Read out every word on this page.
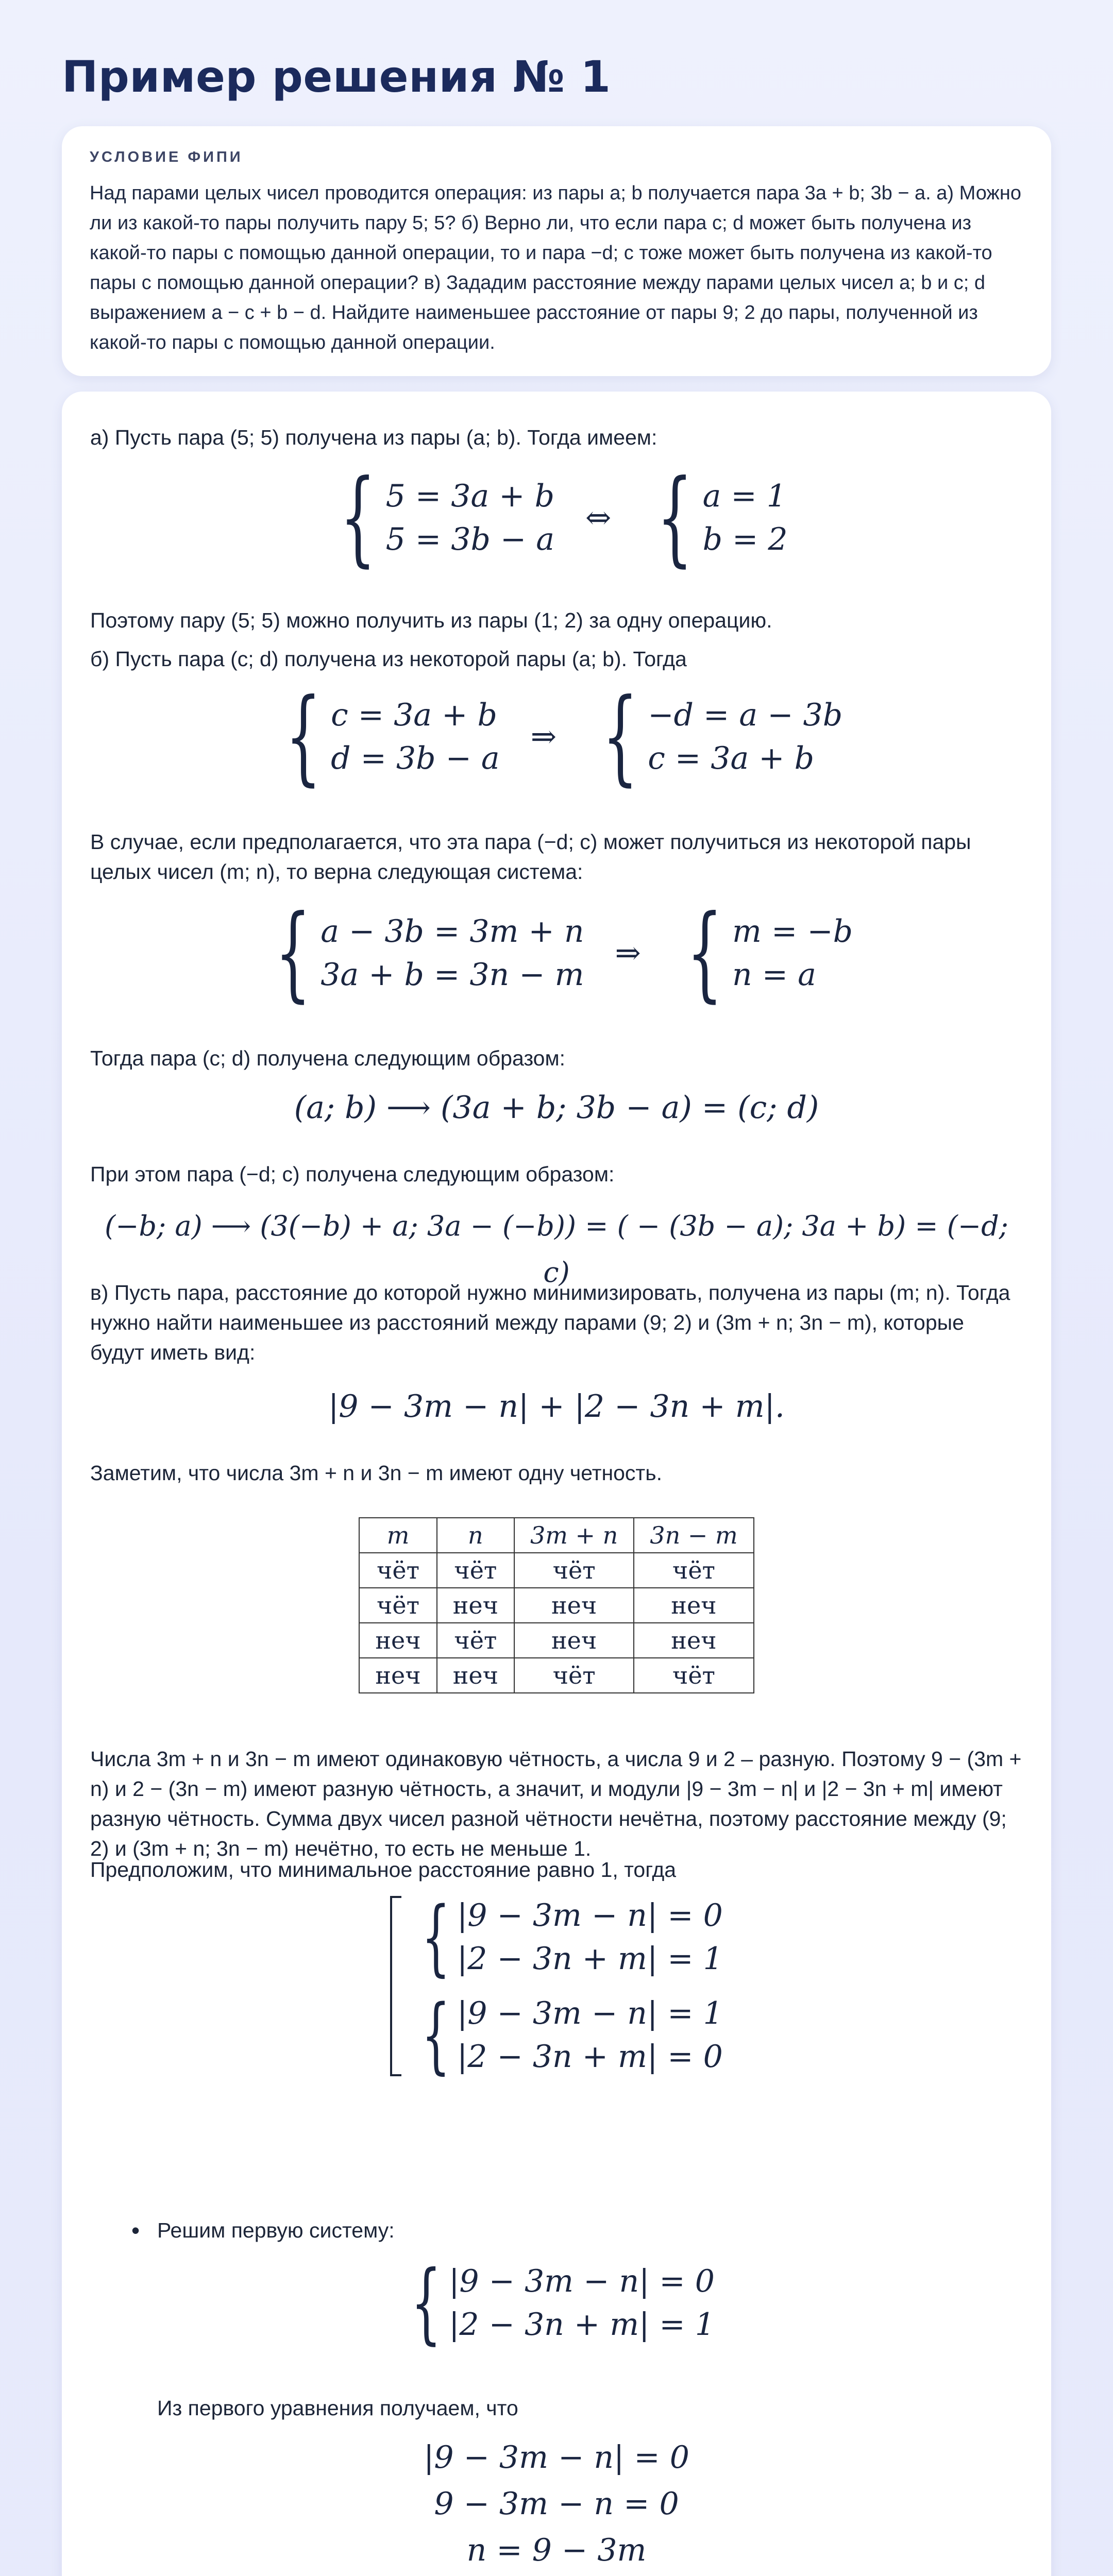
Пример решения № 1
УСЛОВИЕ ФИПИ
Над парами целых чисел проводится операция: из пары a; b получается пара 3a + b; 3b − a. а) Можно ли из какой-то пары получить пару 5; 5? б) Верно ли, что если пара c; d может быть получена из какой-то пары с помощью данной операции, то и пара −d; c тоже может быть получена из какой-то пары с помощью данной операции? в) Зададим расстояние между парами целых чисел a; b и c; d выражением a − c + b − d. Найдите наименьшее расстояние от пары 9; 2 до пары, полученной из какой-то пары с помощью данной операции.
а) Пусть пара (5; 5) получена из пары (a; b). Тогда имеем:
{ 5 = 3a + b
5 = 3b − a
⇔ { a = 1
b = 2
Поэтому пару (5; 5) можно получить из пары (1; 2) за одну операцию.
б) Пусть пара (c; d) получена из некоторой пары (a; b). Тогда
{ c = 3a + b
d = 3b − a
⇒ { −d = a − 3b
c = 3a + b
В случае, если предполагается, что эта пара (−d; c) может получиться из некоторой пары целых чисел (m; n), то верна следующая система:
{ a − 3b = 3m + n
3a + b = 3n − m
⇒ { m = −b
n = a
Тогда пара (c; d) получена следующим образом:
(a; b) ⟶ (3a + b; 3b − a) = (c; d)
При этом пара (−d; c) получена следующим образом:
(−b; a) ⟶ (3(−b) + a; 3a − (−b)) = ( − (3b − a); 3a + b) = (−d; c)
в) Пусть пара, расстояние до которой нужно минимизировать, получена из пары (m; n). Тогда нужно найти наименьшее из расстояний между парами (9; 2) и (3m + n; 3n − m), которые будут иметь вид:
|9 − 3m − n| + |2 − 3n + m|.
Заметим, что числа 3m + n и 3n − m имеют одну четность.
m	n	3m + n	3n − m
чёт	чёт	чёт	чёт
чёт	неч	неч	неч
неч	чёт	неч	неч
неч	неч	чёт	чёт
Числа 3m + n и 3n − m имеют одинаковую чётность, а числа 9 и 2 – разную. Поэтому 9 − (3m + n) и 2 − (3n − m) имеют разную чётность, а значит, и модули |9 − 3m − n| и |2 − 3n + m| имеют разную чётность. Сумма двух чисел разной чётности нечётна, поэтому расстояние между (9; 2) и (3m + n; 3n − m) нечётно, то есть не меньше 1.
Предположим, что минимальное расстояние равно 1, тогда
{ |9 − 3m − n| = 0
|2 − 3n + m| = 1
{ |9 − 3m − n| = 1
|2 − 3n + m| = 0
• Решим первую систему:
{ |9 − 3m − n| = 0
|2 − 3n + m| = 1
Из первого уравнения получаем, что
|9 − 3m − n| = 0
9 − 3m − n = 0
n = 9 − 3m
